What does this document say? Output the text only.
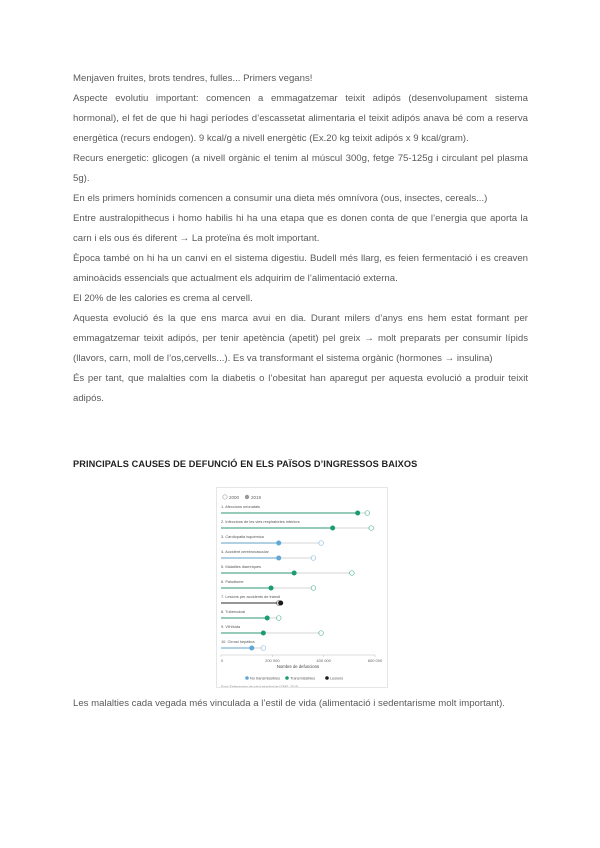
Menjaven fruites, brots tendres, fulles... Primers vegans!

Aspecte evolutiu important: comencen a emmagatzemar teixit adipós (desenvolupament sistema hormonal), el fet de que hi hagi períodes d’escassetat alimentaria el teixit adipós anava bé com a reserva energètica (recurs endogen). 9 kcal/g a nivell energètic (Ex.20 kg teixit adipós x 9 kcal/gram).

Recurs energetic: glicogen (a nivell orgànic el tenim al múscul 300g, fetge 75-125g i circulant pel plasma 5g).

En els primers homínids comencen a consumir una dieta més omnívora (ous, insectes, cereals...)

Entre australopithecus i homo habilis hi ha una etapa que es donen conta de que l’energia que aporta la carn i els ous és diferent → La proteïna és molt important.

Època també on hi ha un canvi en el sistema digestiu. Budell més llarg, es feien fermentació i es creaven aminoàcids essencials que actualment els adquirim de l’alimentació externa.

El 20% de les calories es crema al cervell.

Aquesta evolució és la que ens marca avui en dia. Durant milers d’anys ens hem estat formant per emmagatzemar teixit adipós, per tenir apetència (apetit) pel greix → molt preparats per consumir lípids (llavors, carn, moll de l’os,cervells...). Es va transformant el sistema orgànic (hormones → insulina)

És per tant, que malalties com la diabetis o l’obesitat han aparegut per aquesta evolució a produir teixit adipós.

PRINCIPALS CAUSES DE DEFUNCIÓ EN ELS PAÏSOS D’INGRESSOS BAIXOS

2000	2019
1. Afeccions neonatals
2. Infeccions de les vies respiratòries inferiors
3. Cardiopatia isquèmica
4. Accident cerebrovascular
5. Malalties diarreiques
6. Paludisme
7. Lesions per accidents de trànsit
8. Tuberculosi
9. VIH/sida
10. Cirrosi hepàtica
0	200 000	400 000	600 000
Nombre de defuncions
No transmissibles	Transmissibles	Lesions
Font: Estimacions de salut mundial de l’OMS, 2019

Les malalties cada vegada més vinculada a l’estil de vida (alimentació i sedentarisme molt important).
